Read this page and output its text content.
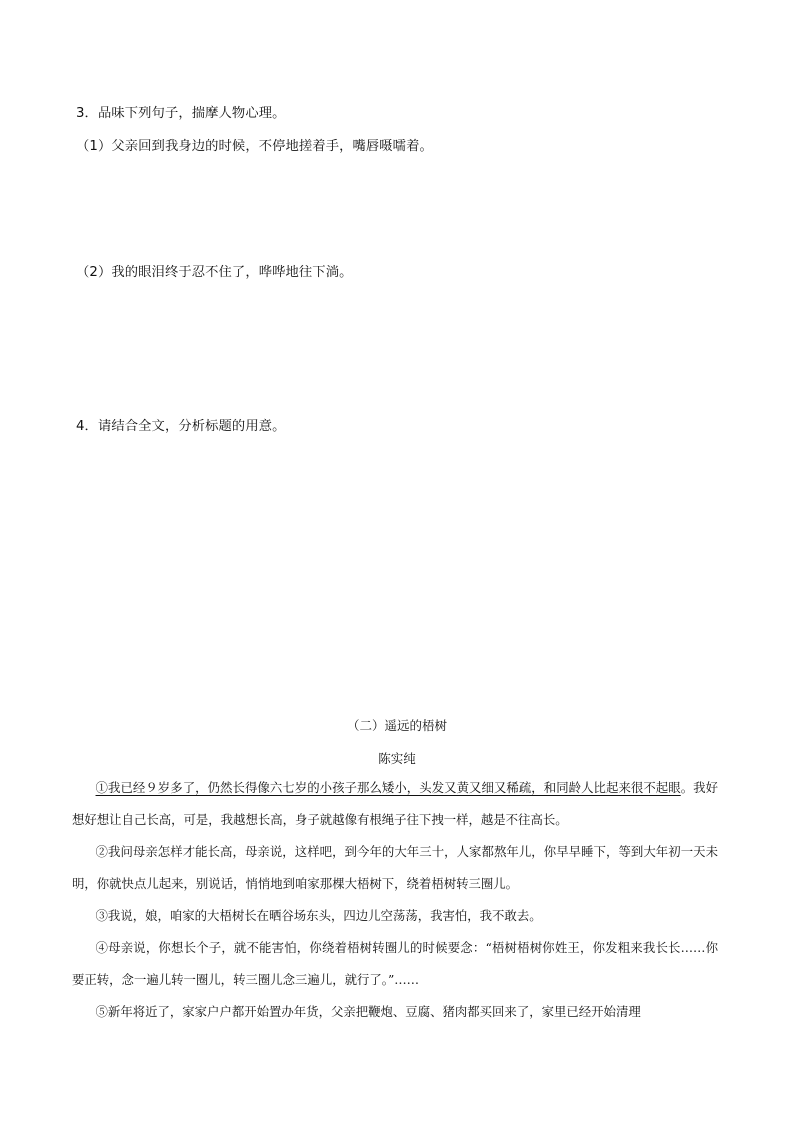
3．品味下列句子，揣摩人物心理。
（1）父亲回到我身边的时候，不停地搓着手，嘴唇嗫嚅着。
（2）我的眼泪终于忍不住了，哗哗地往下淌。
4．请结合全文，分析标题的用意。
（二）遥远的梧树
陈实纯
①我已经９岁多了，仍然长得像六七岁的小孩子那么矮小，头发又黄又细又稀疏，和同龄人比起来很不起眼。我好想好想让自己长高，可是，我越想长高，身子就越像有根绳子往下拽一样，越是不往高长。
②我问母亲怎样才能长高，母亲说，这样吧，到今年的大年三十，人家都熬年儿，你早早睡下，等到大年初一天未明，你就快点儿起来，别说话，悄悄地到咱家那棵大梧树下，绕着梧树转三圈儿。
③我说，娘，咱家的大梧树长在晒谷场东头，四边儿空荡荡，我害怕，我不敢去。
④母亲说，你想长个子，就不能害怕，你绕着梧树转圈儿的时候要念：“梧树梧树你姓王，你发粗来我长长……你要正转，念一遍儿转一圈儿，转三圈儿念三遍儿，就行了。”……
⑤新年将近了，家家户户都开始置办年货，父亲把鞭炮、豆腐、猪肉都买回来了，家里已经开始清理
